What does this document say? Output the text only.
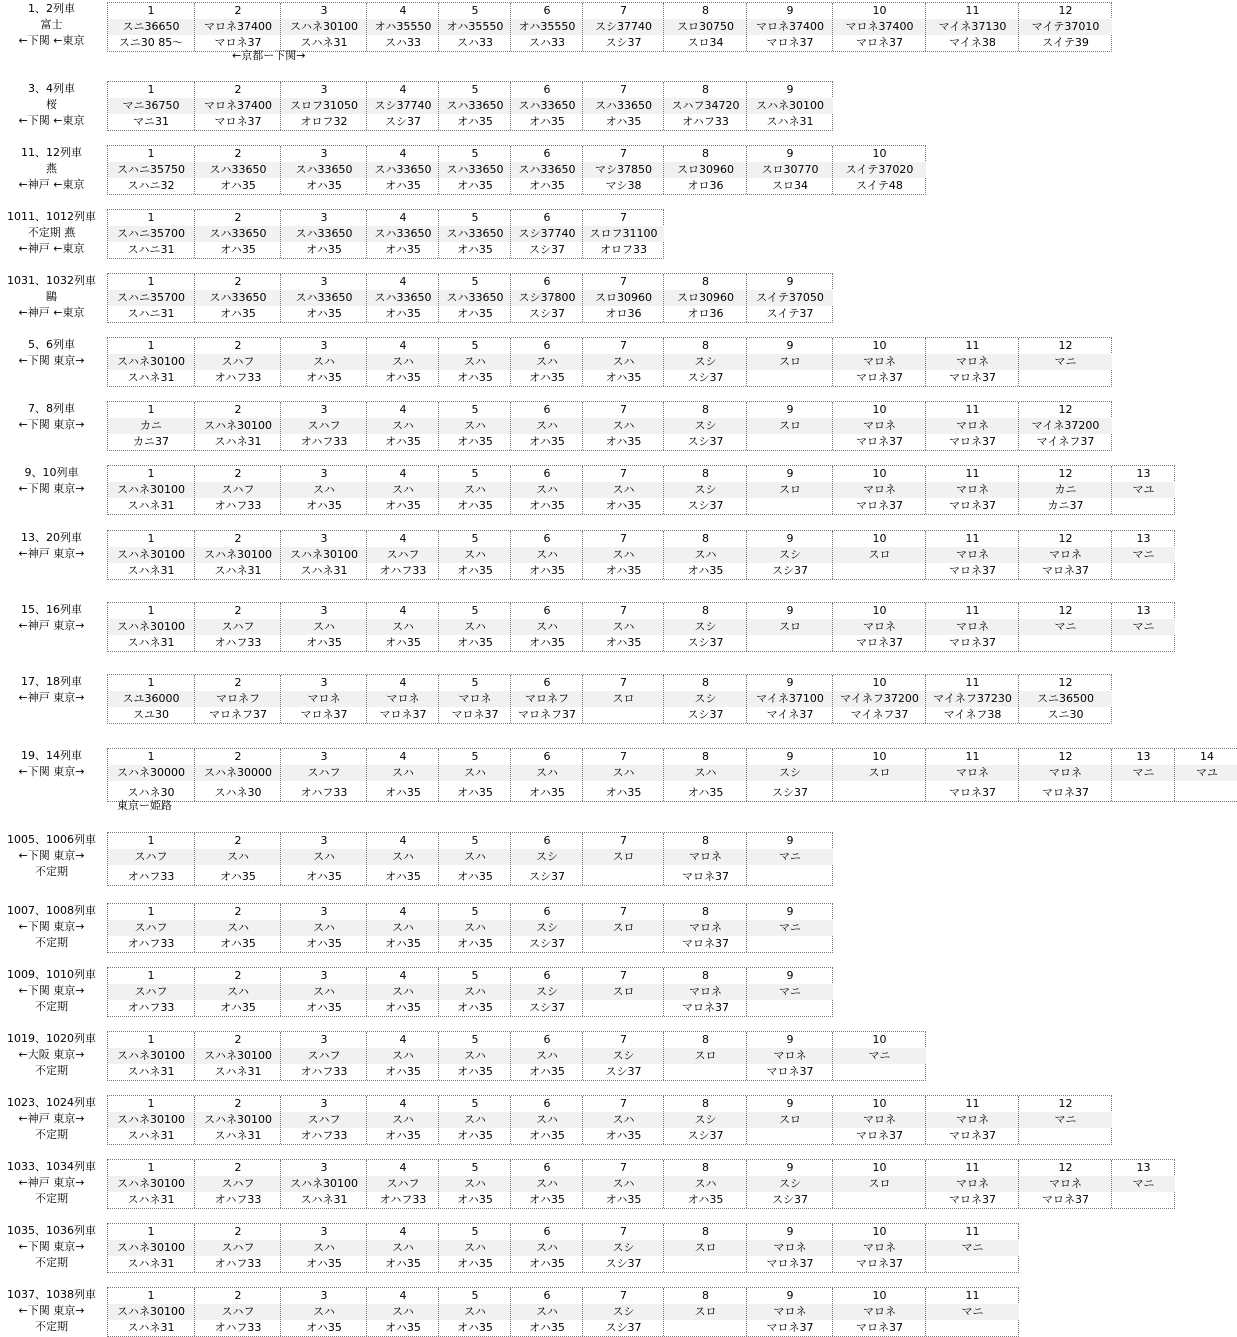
1、2列車
富士
←下関 ←東京
1
スニ36650
スニ30 85〜
2
マロネ37400
マロネ37
3
スハネ30100
スハネ31
4
オハ35550
スハ33
5
オハ35550
スハ33
6
オハ35550
スハ33
7
スシ37740
スシ37
8
スロ30750
スロ34
9
マロネ37400
マロネ37
10
マロネ37400
マロネ37
11
マイネ37130
マイネ38
12
マイテ37010
スイテ39
←京都ー下関→
3、4列車
桜
←下関 ←東京
1
マニ36750
マニ31
2
マロネ37400
マロネ37
3
スロフ31050
オロフ32
4
スシ37740
スシ37
5
スハ33650
オハ35
6
スハ33650
オハ35
7
スハ33650
オハ35
8
スハフ34720
オハフ33
9
スハネ30100
スハネ31
11、12列車
燕
←神戸 ←東京
1
スハニ35750
スハニ32
2
スハ33650
オハ35
3
スハ33650
オハ35
4
スハ33650
オハ35
5
スハ33650
オハ35
6
スハ33650
オハ35
7
マシ37850
マシ38
8
スロ30960
オロ36
9
スロ30770
スロ34
10
スイテ37020
スイテ48
1011、1012列車
不定期 燕
←神戸 ←東京
1
スハニ35700
スハニ31
2
スハ33650
オハ35
3
スハ33650
オハ35
4
スハ33650
オハ35
5
スハ33650
オハ35
6
スシ37740
スシ37
7
スロフ31100
オロフ33
1031、1032列車
鷗
←神戸 ←東京
1
スハニ35700
スハニ31
2
スハ33650
オハ35
3
スハ33650
オハ35
4
スハ33650
オハ35
5
スハ33650
オハ35
6
スシ37800
スシ37
7
スロ30960
オロ36
8
スロ30960
オロ36
9
スイテ37050
スイテ37
5、6列車
←下関 東京→
1
スハネ30100
スハネ31
2
スハフ
オハフ33
3
スハ
オハ35
4
スハ
オハ35
5
スハ
オハ35
6
スハ
オハ35
7
スハ
オハ35
8
スシ
スシ37
9
スロ
10
マロネ
マロネ37
11
マロネ
マロネ37
12
マニ
7、8列車
←下関 東京→
1
カニ
カニ37
2
スハネ30100
スハネ31
3
スハフ
オハフ33
4
スハ
オハ35
5
スハ
オハ35
6
スハ
オハ35
7
スハ
オハ35
8
スシ
スシ37
9
スロ
10
マロネ
マロネ37
11
マロネ
マロネ37
12
マイネ37200
マイネフ37
9、10列車
←下関 東京→
1
スハネ30100
スハネ31
2
スハフ
オハフ33
3
スハ
オハ35
4
スハ
オハ35
5
スハ
オハ35
6
スハ
オハ35
7
スハ
オハ35
8
スシ
スシ37
9
スロ
10
マロネ
マロネ37
11
マロネ
マロネ37
12
カニ
カニ37
13
マユ
13、20列車
←神戸 東京→
1
スハネ30100
スハネ31
2
スハネ30100
スハネ31
3
スハネ30100
スハネ31
4
スハフ
オハフ33
5
スハ
オハ35
6
スハ
オハ35
7
スハ
オハ35
8
スハ
オハ35
9
スシ
スシ37
10
スロ
11
マロネ
マロネ37
12
マロネ
マロネ37
13
マニ
15、16列車
←神戸 東京→
1
スハネ30100
スハネ31
2
スハフ
オハフ33
3
スハ
オハ35
4
スハ
オハ35
5
スハ
オハ35
6
スハ
オハ35
7
スハ
オハ35
8
スシ
スシ37
9
スロ
10
マロネ
マロネ37
11
マロネ
マロネ37
12
マニ
13
マニ
17、18列車
←神戸 東京→
1
スユ36000
スユ30
2
マロネフ
マロネフ37
3
マロネ
マロネ37
4
マロネ
マロネ37
5
マロネ
マロネ37
6
マロネフ
マロネフ37
7
スロ
8
スシ
スシ37
9
マイネ37100
マイネ37
10
マイネフ37200
マイネフ37
11
マイネフ37230
マイネフ38
12
スニ36500
スニ30
19、14列車
←下関 東京→
1
スハネ30000
スハネ30
2
スハネ30000
スハネ30
3
スハフ
オハフ33
4
スハ
オハ35
5
スハ
オハ35
6
スハ
オハ35
7
スハ
オハ35
8
スハ
オハ35
9
スシ
スシ37
10
スロ
11
マロネ
マロネ37
12
マロネ
マロネ37
13
マニ
14
マユ
東京ー姫路
1005、1006列車
←下関 東京→
不定期
1
スハフ
オハフ33
2
スハ
オハ35
3
スハ
オハ35
4
スハ
オハ35
5
スハ
オハ35
6
スシ
スシ37
7
スロ
8
マロネ
マロネ37
9
マニ
1007、1008列車
←下関 東京→
不定期
1
スハフ
オハフ33
2
スハ
オハ35
3
スハ
オハ35
4
スハ
オハ35
5
スハ
オハ35
6
スシ
スシ37
7
スロ
8
マロネ
マロネ37
9
マニ
1009、1010列車
←下関 東京→
不定期
1
スハフ
オハフ33
2
スハ
オハ35
3
スハ
オハ35
4
スハ
オハ35
5
スハ
オハ35
6
スシ
スシ37
7
スロ
8
マロネ
マロネ37
9
マニ
1019、1020列車
←大阪 東京→
不定期
1
スハネ30100
スハネ31
2
スハネ30100
スハネ31
3
スハフ
オハフ33
4
スハ
オハ35
5
スハ
オハ35
6
スハ
オハ35
7
スシ
スシ37
8
スロ
9
マロネ
マロネ37
10
マニ
1023、1024列車
←神戸 東京→
不定期
1
スハネ30100
スハネ31
2
スハネ30100
スハネ31
3
スハフ
オハフ33
4
スハ
オハ35
5
スハ
オハ35
6
スハ
オハ35
7
スハ
オハ35
8
スシ
スシ37
9
スロ
10
マロネ
マロネ37
11
マロネ
マロネ37
12
マニ
1033、1034列車
←神戸 東京→
不定期
1
スハネ30100
スハネ31
2
スハフ
オハフ33
3
スハネ30100
スハネ31
4
スハフ
オハフ33
5
スハ
オハ35
6
スハ
オハ35
7
スハ
オハ35
8
スハ
オハ35
9
スシ
スシ37
10
スロ
11
マロネ
マロネ37
12
マロネ
マロネ37
13
マニ
1035、1036列車
←下関 東京→
不定期
1
スハネ30100
スハネ31
2
スハフ
オハフ33
3
スハ
オハ35
4
スハ
オハ35
5
スハ
オハ35
6
スハ
オハ35
7
スシ
スシ37
8
スロ
9
マロネ
マロネ37
10
マロネ
マロネ37
11
マニ
1037、1038列車
←下関 東京→
不定期
1
スハネ30100
スハネ31
2
スハフ
オハフ33
3
スハ
オハ35
4
スハ
オハ35
5
スハ
オハ35
6
スハ
オハ35
7
スシ
スシ37
8
スロ
9
マロネ
マロネ37
10
マロネ
マロネ37
11
マニ
